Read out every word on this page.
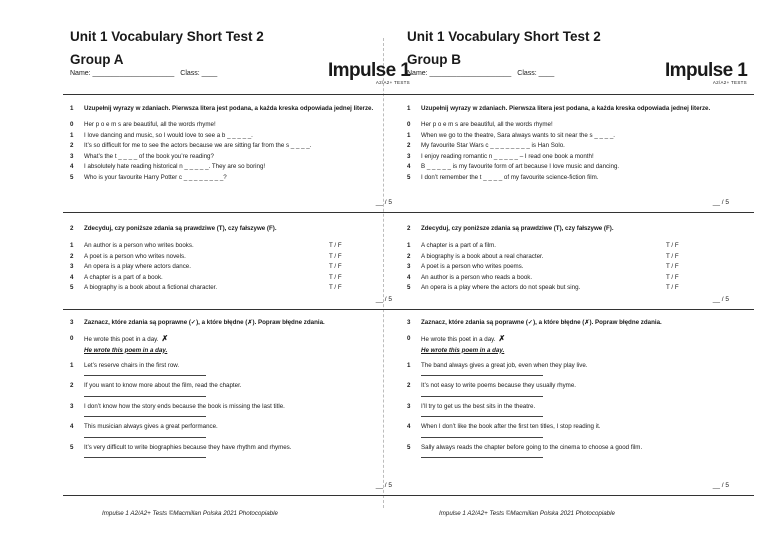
Unit 1 Vocabulary Short Test 2
Group A
Name: _____________________ Class: ____	Impulse 1
A2/A2+ TESTS
1 Uzupełnij wyrazy w zdaniach. Pierwsza litera jest podana, a każda kreska odpowiada jednej literze.
0 Her p o e m s are beautiful, all the words rhyme!
1 I love dancing and music, so I would love to see a b _ _ _ _ _.
2 It’s so difficult for me to see the actors because we are sitting far from the s _ _ _ _.
3 What’s the t _ _ _ _ of the book you’re reading?
4 I absolutely hate reading historical n _ _ _ _ _. They are so boring!
5 Who is your favourite Harry Potter c _ _ _ _ _ _ _ _?
__ / 5
2 Zdecyduj, czy poniższe zdania są prawdziwe (T), czy fałszywe (F).
1 An author is a person who writes books.	T / F
2 A poet is a person who writes novels.	T / F
3 An opera is a play where actors dance.	T / F
4 A chapter is a part of a book.	T / F
5 A biography is a book about a fictional character.	T / F
__ / 5
3 Zaznacz, które zdania są poprawne (✓), a które błędne (✗). Popraw błędne zdania.
0 He wrote this poet in a day. ✗
He wrote this poem in a day.
1 Let’s reserve chairs in the first row.
2 If you want to know more about the film, read the chapter.
3 I don’t know how the story ends because the book is missing the last title.
4 This musician always gives a great performance.
5 It’s very difficult to write biographies because they have rhythm and rhymes.
__ / 5
Impulse 1 A2/A2+ Tests ©Macmillan Polska 2021 Photocopiable
Unit 1 Vocabulary Short Test 2
Group B
Name: _____________________ Class: ____	Impulse 1
A2/A2+ TESTS
1 Uzupełnij wyrazy w zdaniach. Pierwsza litera jest podana, a każda kreska odpowiada jednej literze.
0 Her p o e m s are beautiful, all the words rhyme!
1 When we go to the theatre, Sara always wants to sit near the s _ _ _ _.
2 My favourite Star Wars c _ _ _ _ _ _ _ _ is Han Solo.
3 I enjoy reading romantic n _ _ _ _ _ – I read one book a month!
4 B _ _ _ _ _ is my favourite form of art because I love music and dancing.
5 I don’t remember the t _ _ _ _ of my favourite science-fiction film.
__ / 5
2 Zdecyduj, czy poniższe zdania są prawdziwe (T), czy fałszywe (F).
1 A chapter is a part of a film.	T / F
2 A biography is a book about a real character.	T / F
3 A poet is a person who writes poems.	T / F
4 An author is a person who reads a book.	T / F
5 An opera is a play where the actors do not speak but sing.	T / F
__ / 5
3 Zaznacz, które zdania są poprawne (✓), a które błędne (✗). Popraw błędne zdania.
0 He wrote this poet in a day. ✗
He wrote this poem in a day.
1 The band always gives a great job, even when they play live.
2 It’s not easy to write poems because they usually rhyme.
3 I’ll try to get us the best sits in the theatre.
4 When I don’t like the book after the first ten titles, I stop reading it.
5 Sally always reads the chapter before going to the cinema to choose a good film.
__ / 5
Impulse 1 A2/A2+ Tests ©Macmillan Polska 2021 Photocopiable
